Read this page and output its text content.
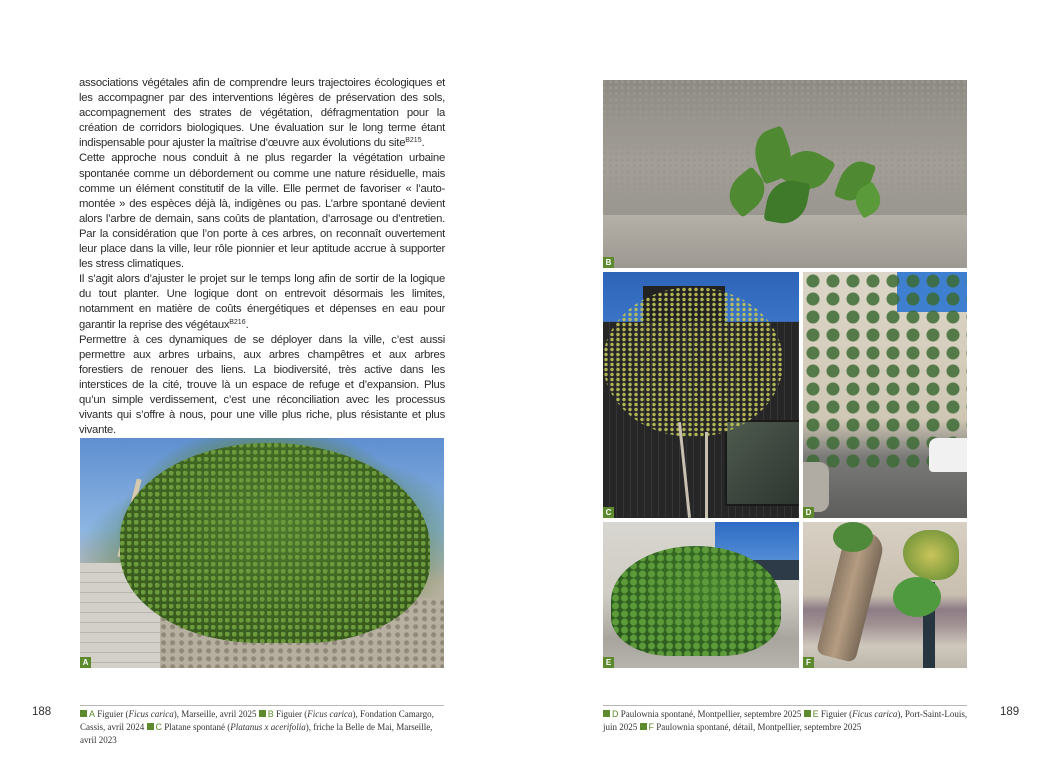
associations végétales afin de comprendre leurs trajectoires écologiques et les accompagner par des interventions légères de préservation des sols, accompagnement des strates de végétation, défragmentation pour la création de corridors biologiques. Une évaluation sur le long terme étant indispensable pour ajuster la maîtrise d’œuvre aux évolutions du site$^{B215}$.

Cette approche nous conduit à ne plus regarder la végétation urbaine spontanée comme un débordement ou comme une nature résiduelle, mais comme un élément constitutif de la ville. Elle permet de favoriser « l’auto-montée » des espèces déjà là, indigènes ou pas. L’arbre spontané devient alors l’arbre de demain, sans coûts de plantation, d’arrosage ou d’entretien. Par la considération que l’on porte à ces arbres, on reconnaît ouvertement leur place dans la ville, leur rôle pionnier et leur aptitude accrue à supporter les stress climatiques.

Il s’agit alors d’ajuster le projet sur le temps long afin de sortir de la logique du tout planter. Une logique dont on entrevoit désormais les limites, notamment en matière de coûts énergétiques et dépenses en eau pour garantir la reprise des végétaux$^{B216}$.

Permettre à ces dynamiques de se déployer dans la ville, c’est aussi permettre aux arbres urbains, aux arbres champêtres et aux arbres forestiers de renouer des liens. La biodiversité, très active dans les interstices de la cité, trouve là un espace de refuge et d’expansion. Plus qu’un simple verdissement, c’est une réconciliation avec les processus vivants qui s’offre à nous, pour une ville plus riche, plus résistante et plus vivante.

A
A Figuier (Ficus carica), Marseille, avril 2025 B Figuier (Ficus carica), Fondation Camargo, Cassis, avril 2024 C Platane spontané (Platanus x acerifolia), friche la Belle de Mai, Marseille, avril 2023
188
B
C	D
E	F
D Paulownia spontané, Montpellier, septembre 2025 E Figuier (Ficus carica), Port-Saint-Louis, juin 2025 F Paulownia spontané, détail, Montpellier, septembre 2025
189
